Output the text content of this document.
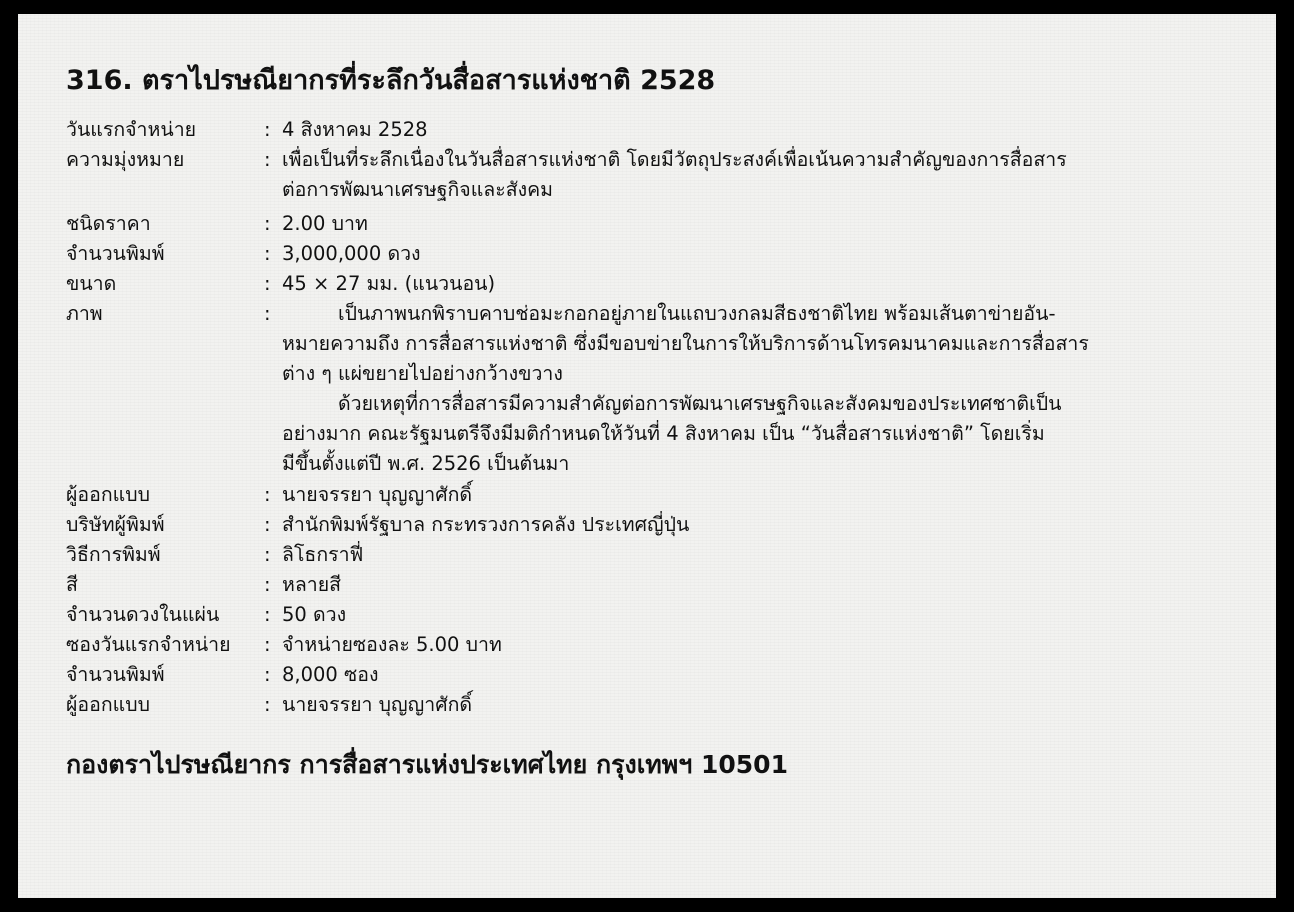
316. ตราไปรษณียากรที่ระลึกวันสื่อสารแห่งชาติ 2528
วันแรกจำหน่าย	: 4 สิงหาคม 2528
ความมุ่งหมาย	: เพื่อเป็นที่ระลึกเนื่องในวันสื่อสารแห่งชาติ โดยมีวัตถุประสงค์เพื่อเน้นความสำคัญของการสื่อสาร

ต่อการพัฒนาเศรษฐกิจและสังคม

ชนิดราคา	: 2.00 บาท
จำนวนพิมพ์	: 3,000,000 ดวง
ขนาด	: 45 × 27 มม. (แนวนอน)
ภาพ	:	เป็นภาพนกพิราบคาบช่อมะกอกอยู่ภายในแถบวงกลมสีธงชาติไทย พร้อมเส้นตาข่ายอัน-

หมายความถึง การสื่อสารแห่งชาติ ซึ่งมีขอบข่ายในการให้บริการด้านโทรคมนาคมและการสื่อสาร

ต่าง ๆ แผ่ขยายไปอย่างกว้างขวาง

ด้วยเหตุที่การสื่อสารมีความสำคัญต่อการพัฒนาเศรษฐกิจและสังคมของประเทศชาติเป็น

อย่างมาก คณะรัฐมนตรีจึงมีมติกำหนดให้วันที่ 4 สิงหาคม เป็น “วันสื่อสารแห่งชาติ” โดยเริ่ม

มีขึ้นตั้งแต่ปี พ.ศ. 2526 เป็นต้นมา

ผู้ออกแบบ	: นายจรรยา บุญญาศักดิ์
บริษัทผู้พิมพ์	: สำนักพิมพ์รัฐบาล กระทรวงการคลัง ประเทศญี่ปุ่น
วิธีการพิมพ์	: ลิโธกราฟี่
สี	: หลายสี
จำนวนดวงในแผ่น	: 50 ดวง
ซองวันแรกจำหน่าย	: จำหน่ายซองละ 5.00 บาท
จำนวนพิมพ์	: 8,000 ซอง
ผู้ออกแบบ	: นายจรรยา บุญญาศักดิ์
กองตราไปรษณียากร การสื่อสารแห่งประเทศไทย กรุงเทพฯ 10501
